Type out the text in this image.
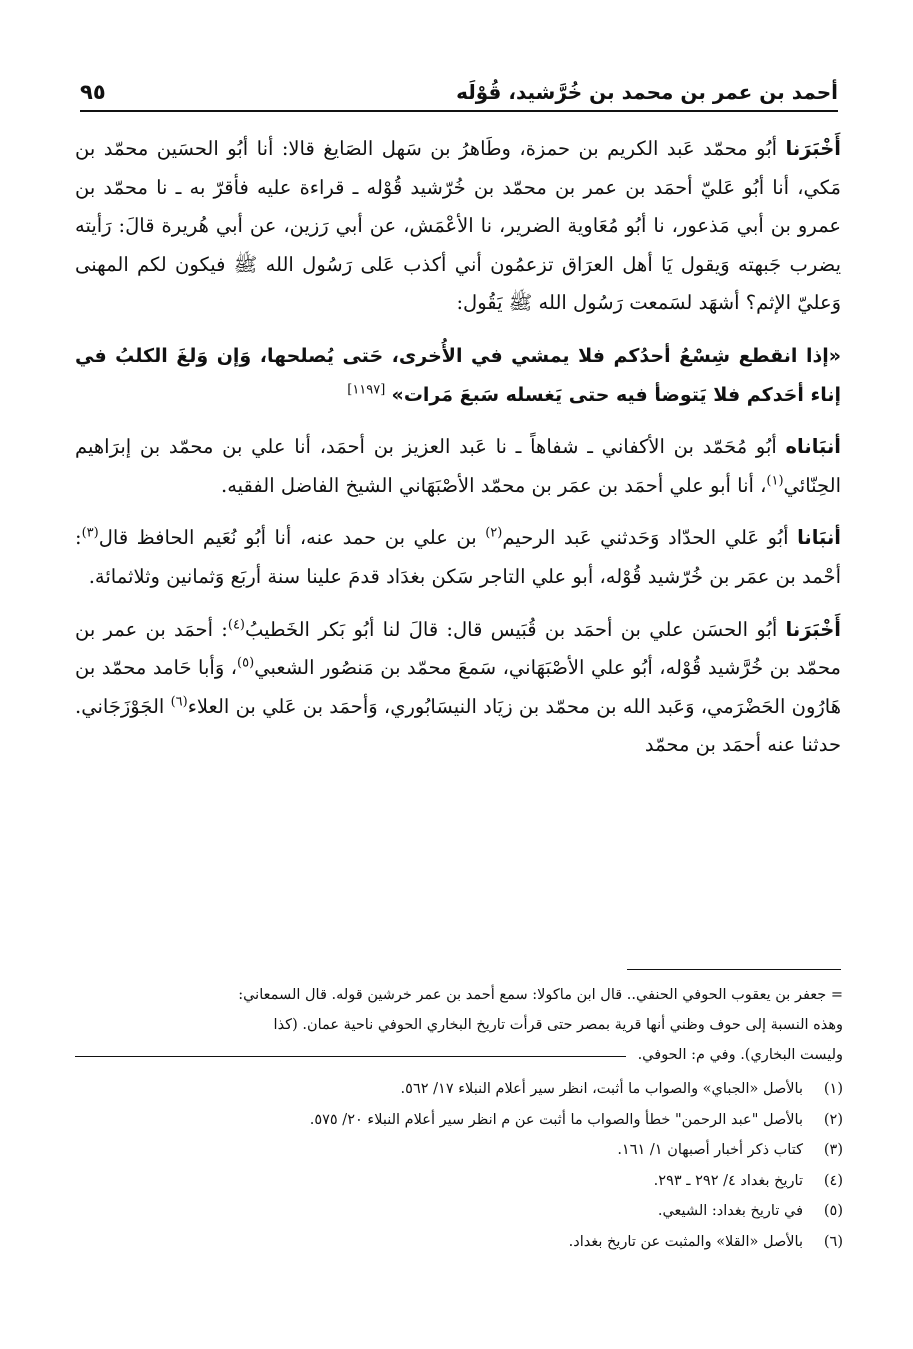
أحمد بن عمر بن محمد بن خُرَّشيد، قُوْلَه
٩٥

أَخْبَرَنا أبُو محمّد عَبد الكريم بن حمزة، وطَاهرُ بن سَهل الصَايغ قالا: أنا أبُو الحسَين محمّد بن مَكي، أنا أبُو عَليّ أحمَد بن عمر بن محمّد بن خُرّشيد قُوْله ـ قراءة عليه فأقرّ به ـ نا محمّد بن عمرو بن أبي مَذعور، نا أبُو مُعَاوية الضرير، نا الأعْمَش، عن أبي رَزين، عن أبي هُريرة قالَ: رَأيته يضرب جَبهته وَيقول يَا أهل العرَاق تزعمُون أني أكذب عَلى رَسُول الله ﷺ فيكون لكم المهنى وَعليّ الإثم؟ أشهَد لسَمعت رَسُول الله ﷺ يَقُول:

«إذا انقطع شِسْعُ أحدُكم فلا يمشي في الأُخرى، حَتى يُصلحها، وَإن وَلغَ الكلبُ في إناء أحَدكم فلا يَتوضأ فيه حتى يَغسله سَبعَ مَرات» [١١٩٧]

أنبَاناه أبُو مُحَمّد بن الأكفاني ـ شفاهاً ـ نا عَبد العزيز بن أحمَد، أنا علي بن محمّد بن إبرَاهيم الحِنّائي$^{(١)}$، أنا أبو علي أحمَد بن عمَر بن محمّد الأصْبَهَاني الشيخ الفاضل الفقيه.

أنبَانا أبُو عَلي الحدّاد وَحَدثني عَبد الرحيم$^{(٢)}$ بن علي بن حمد عنه، أنا أبُو نُعَيم الحافظ قال$^{(٣)}$: أحْمد بن عمَر بن خُرّشيد قُوْله، أبو علي التاجر سَكن بغدَاد قدمَ علينا سنة أربَع وَثمانين وثلاثمائة.

أَخْبَرَنا أبُو الحسَن علي بن أحمَد بن قُبَيس قال: قالَ لنا أبُو بَكر الخَطيبُ$^{(٤)}$: أحمَد بن عمر بن محمّد بن خُرَّشيد قُوْله، أبُو علي الأصْبَهَاني، سَمعَ محمّد بن مَنصُور الشعبي$^{(٥)}$، وَأبا حَامد محمّد بن هَارُون الحَضْرَمي، وَعَبد الله بن محمّد بن زيَاد النيسَابُوري، وَأحمَد بن عَلي بن العلاء$^{(٦)}$ الجَوْزَجَاني. حدثنا عنه أحمَد بن محمّد

= جعفر بن يعقوب الحوفي الحنفي.. قال ابن ماكولا: سمع أحمد بن عمر خرشين قوله. قال السمعاني:
وهذه النسبة إلى حوف وظني أنها قرية بمصر حتى قرأت تاريخ البخاري الحوفي ناحية عمان. (كذا
وليست البخاري). وفي م: الحوفي.
(١)
بالأصل «الجباي» والصواب ما أثبت، انظر سير أعلام النبلاء ١٧/ ٥٦٢.
(٢)
بالأصل "عبد الرحمن" خطأ والصواب ما أثبت عن م انظر سير أعلام النبلاء ٢٠/ ٥٧٥.
(٣)
كتاب ذكر أخبار أصبهان ١/ ١٦١.
(٤)
تاريخ بغداد ٤/ ٢٩٢ ـ ٢٩٣.
(٥)
في تاريخ بغداد: الشيعي.
(٦)
بالأصل «القلا» والمثبت عن تاريخ بغداد.
